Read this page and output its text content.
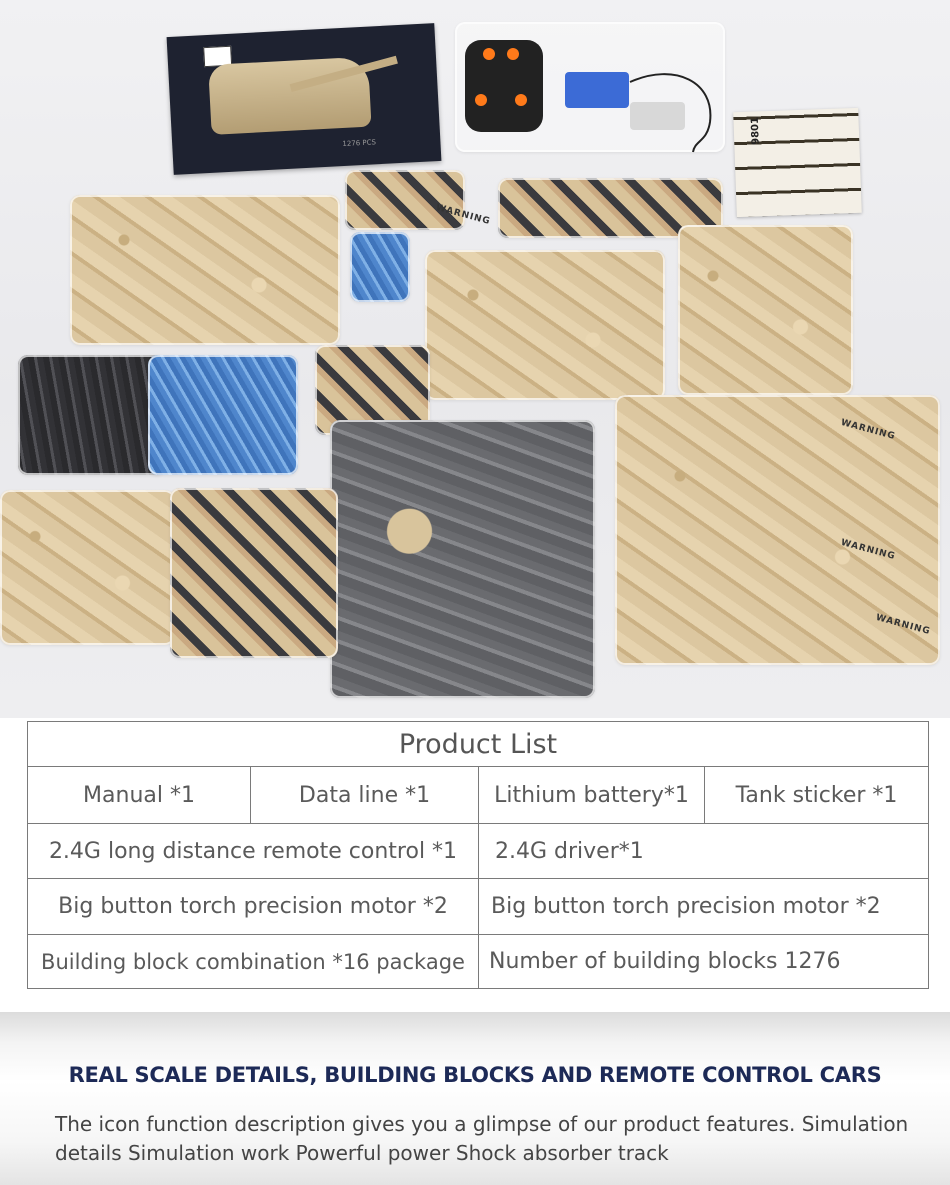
1276 PCS	9801
WARNING
WARNING
WARNING
WARNING
Product List
Manual *1	Data line *1	Lithium battery*1	Tank sticker *1
2.4G long distance remote control *1	2.4G driver*1
Big button torch precision motor *2	Big button torch precision motor *2
Building block combination *16 package	Number of building blocks 1276
REAL SCALE DETAILS, BUILDING BLOCKS AND REMOTE CONTROL CARS
The icon function description gives you a glimpse of our product features. Simulation details Simulation work Powerful power Shock absorber track
